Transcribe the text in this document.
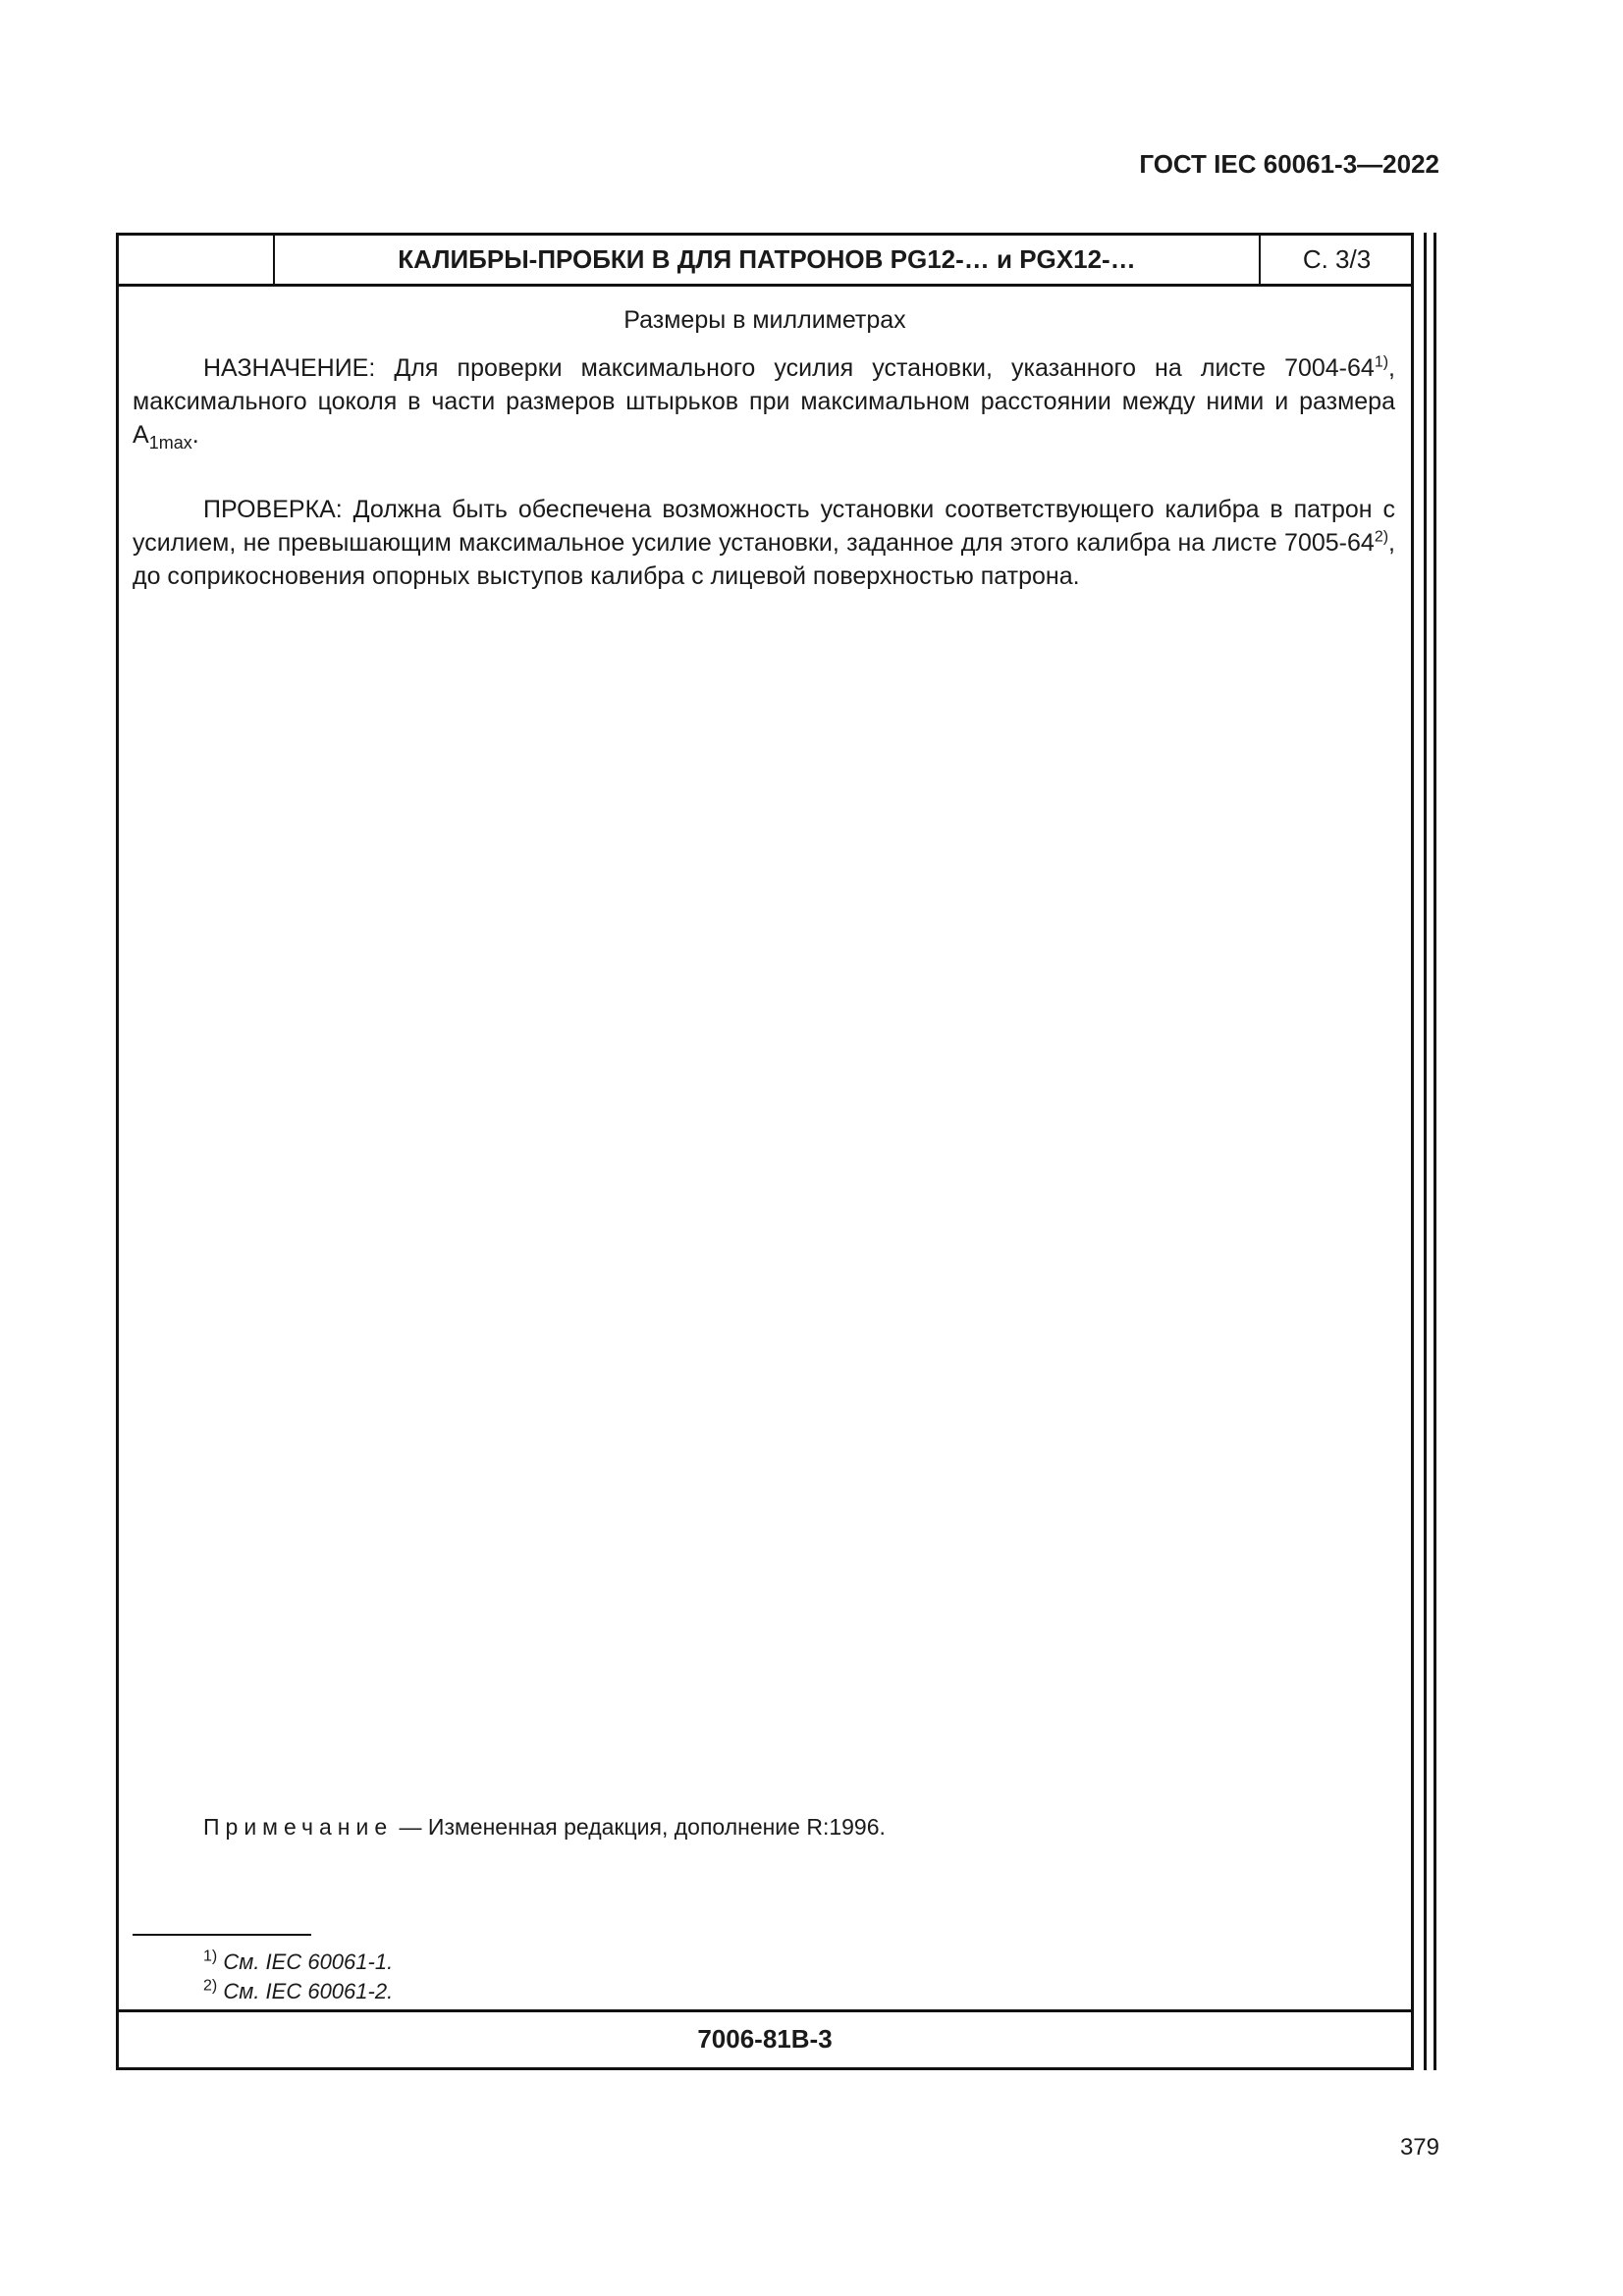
ГОСТ IEC 60061-3—2022
КАЛИБРЫ-ПРОБКИ В ДЛЯ ПАТРОНОВ PG12-… и PGX12-…	С. 3/3
Размеры в миллиметрах

НАЗНАЧЕНИЕ: Для проверки максимального усилия установки, указанного на листе 7004-64$^{1)}$, максимального цоколя в части размеров штырьков при максимальном расстоянии между ними и размера $А_{1max}$.

ПРОВЕРКА: Должна быть обеспечена возможность установки соответствующего калибра в патрон с усилием, не превышающим максимальное усилие установки, заданное для этого калибра на листе 7005-64$^{2)}$, до соприкосновения опорных выступов калибра с лицевой поверхностью патрона.

Примечание — Измененная редакция, дополнение R:1996.
$^{1)}$ См. IEC 60061-1.
$^{2)}$ См. IEC 60061-2.
7006-81В-3
379
